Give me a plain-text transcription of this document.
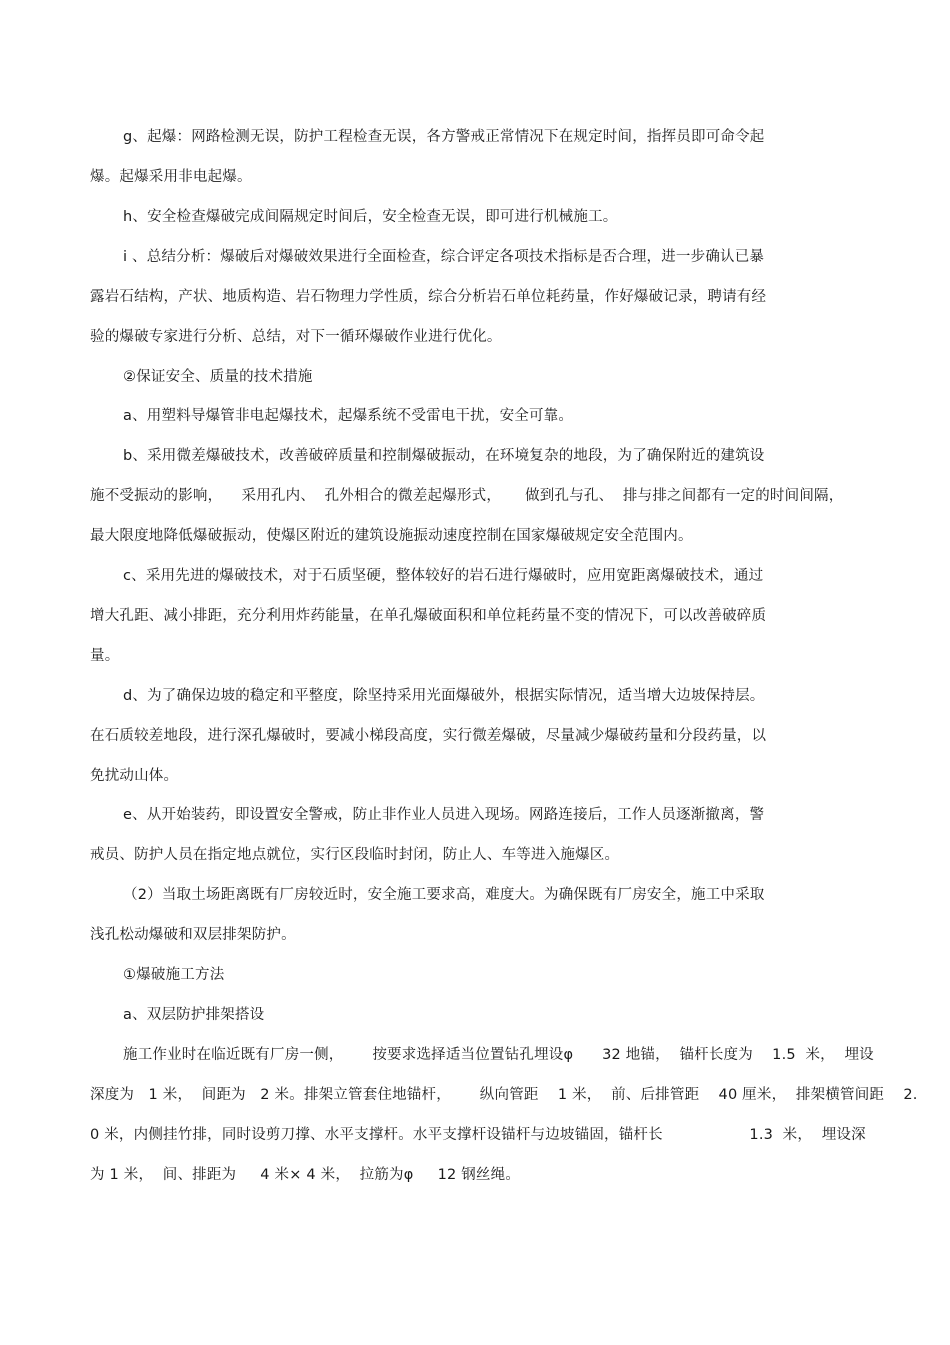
g、起爆：网路检测无误，防护工程检查无误，各方警戒正常情况下在规定时间，指挥员即可命令起
爆。起爆采用非电起爆。
h、安全检查爆破完成间隔规定时间后，安全检查无误，即可进行机械施工。
i 、总结分析：爆破后对爆破效果进行全面检查，综合评定各项技术指标是否合理，进一步确认已暴
露岩石结构，产状、地质构造、岩石物理力学性质，综合分析岩石单位耗药量，作好爆破记录，聘请有经
验的爆破专家进行分析、总结，对下一循环爆破作业进行优化。
②保证安全、质量的技术措施
a、用塑料导爆管非电起爆技术，起爆系统不受雷电干扰，安全可靠。
b、采用微差爆破技术，改善破碎质量和控制爆破振动，在环境复杂的地段，为了确保附近的建筑设
施不受振动的影响，    采用孔内、  孔外相合的微差起爆形式，     做到孔与孔、  排与排之间都有一定的时间间隔，
最大限度地降低爆破振动，使爆区附近的建筑设施振动速度控制在国家爆破规定安全范围内。
c、采用先进的爆破技术，对于石质坚硬，整体较好的岩石进行爆破时，应用宽距离爆破技术，通过
增大孔距、减小排距，充分利用炸药能量，在单孔爆破面积和单位耗药量不变的情况下，可以改善破碎质
量。
d、为了确保边坡的稳定和平整度，除坚持采用光面爆破外，根据实际情况，适当增大边坡保持层。
在石质较差地段，进行深孔爆破时，要减小梯段高度，实行微差爆破，尽量减少爆破药量和分段药量，以
免扰动山体。
e、从开始装药，即设置安全警戒，防止非作业人员进入现场。网路连接后，工作人员逐渐撤离，警
戒员、防护人员在指定地点就位，实行区段临时封闭，防止人、车等进入施爆区。
（2）当取土场距离既有厂房较近时，安全施工要求高，难度大。为确保既有厂房安全，施工中采取
浅孔松动爆破和双层排架防护。
①爆破施工方法
a、双层防护排架搭设
施工作业时在临近既有厂房一侧，      按要求选择适当位置钻孔埋设φ      32 地锚，  锚杆长度为    1.5  米，  埋设
深度为   1 米，  间距为   2 米。排架立管套住地锚杆，      纵向管距    1 米，  前、后排管距    40 厘米，  排架横管间距    2.
0 米，内侧挂竹排，同时设剪刀撑、水平支撑杆。水平支撑杆设锚杆与边坡锚固，锚杆长                  1.3  米，  埋设深
为 1 米，  间、排距为     4 米× 4 米，  拉筋为φ     12 钢丝绳。
